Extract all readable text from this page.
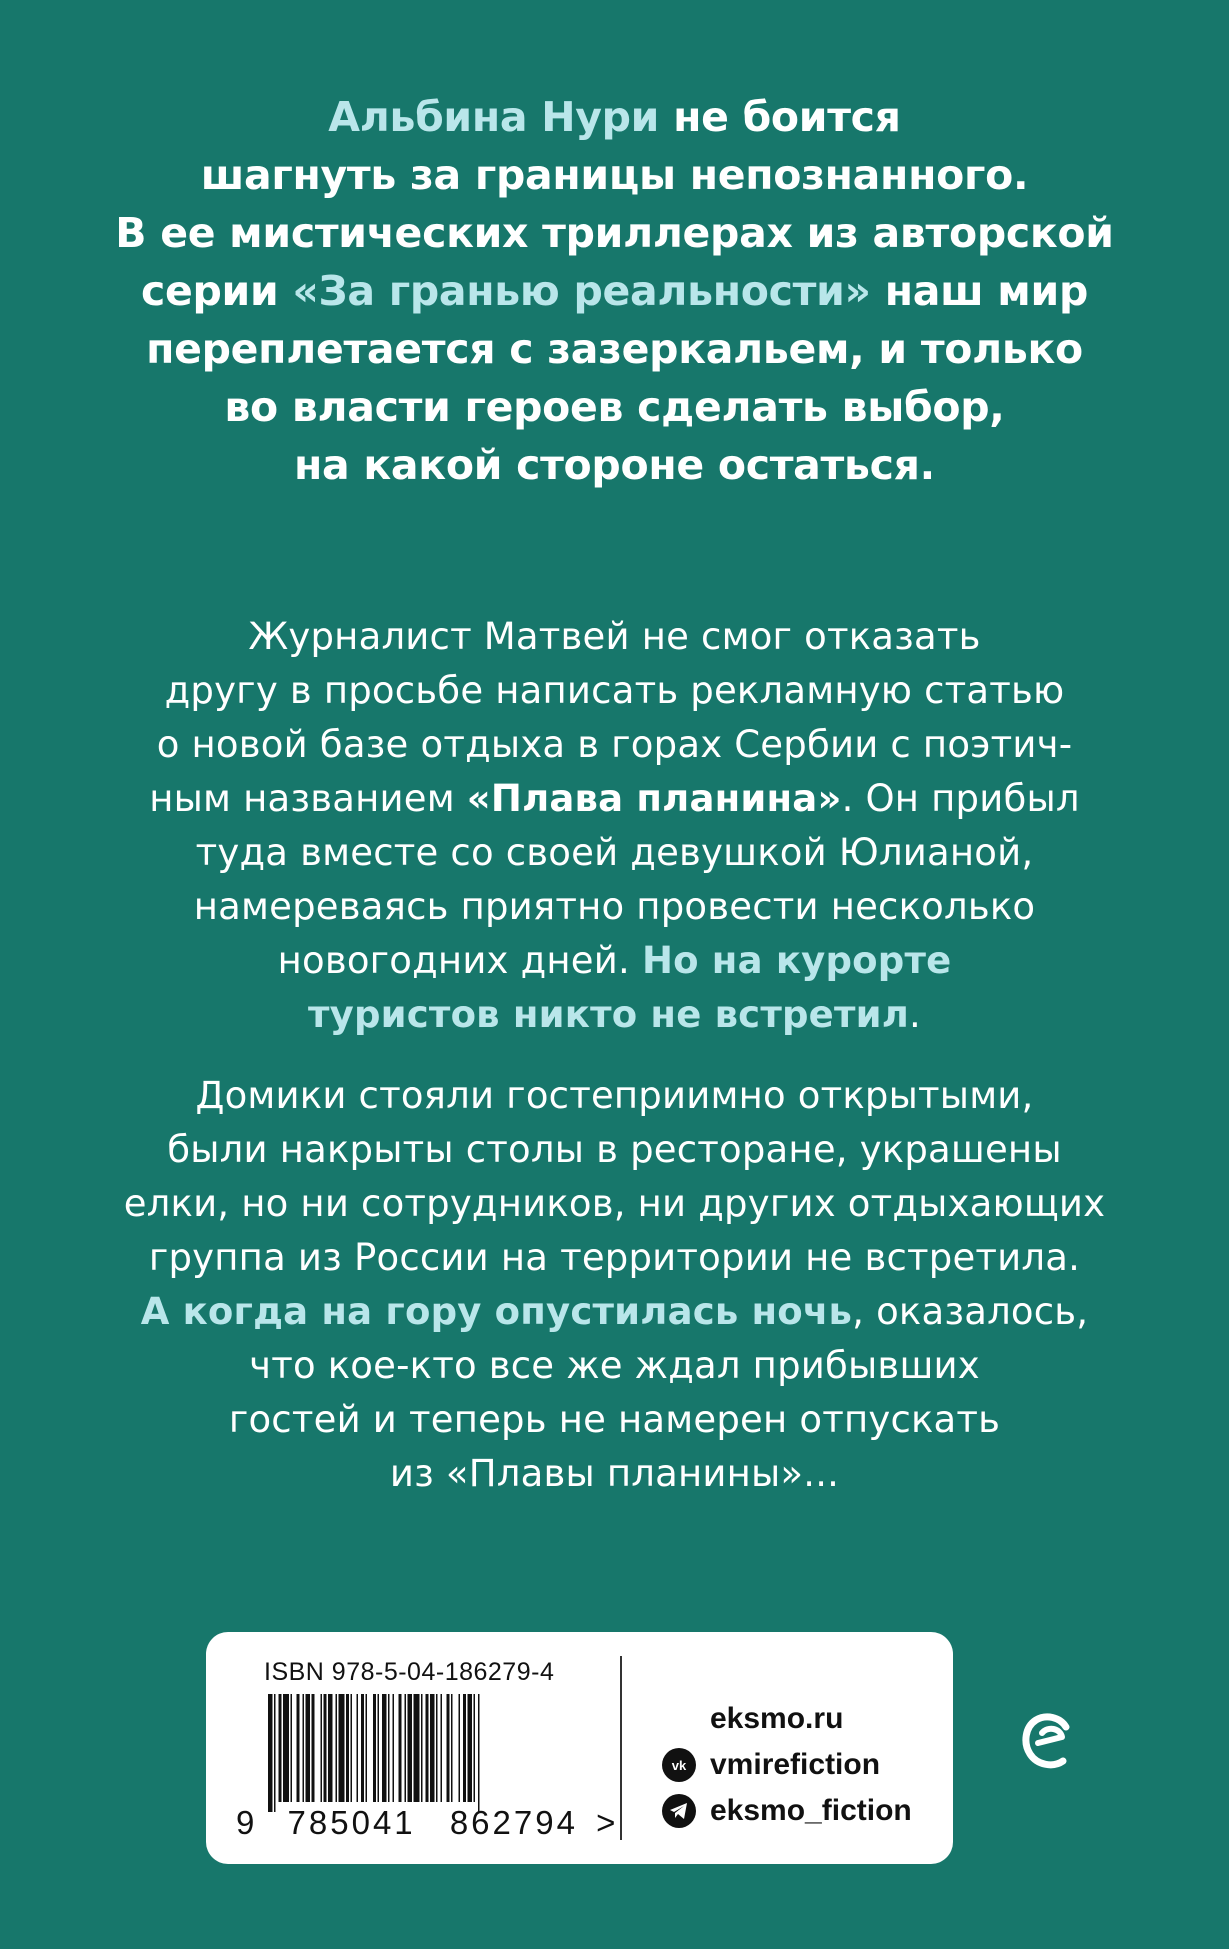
Альбина Нури не боится
шагнуть за границы непознанного.
В ее мистических триллерах из авторской
серии «За гранью реальности» наш мир
переплетается с зазеркальем, и только
во власти героев сделать выбор,
на какой стороне остаться.
Журналист Матвей не смог отказать
другу в просьбе написать рекламную статью
о новой базе отдыха в горах Сербии с поэтич-
ным названием «Плава планина». Он прибыл
туда вместе со своей девушкой Юлианой,
намереваясь приятно провести несколько
новогодних дней. Но на курорте
туристов никто не встретил.
Домики стояли гостеприимно открытыми,
были накрыты столы в ресторане, украшены
елки, но ни сотрудников, ни других отдыхающих
группа из России на территории не встретила.
А когда на гору опустилась ночь, оказалось,
что кое-кто все же ждал прибывших
гостей и теперь не намерен отпускать
из «Плавы планины»...
ISBN 978-5-04-186279-4
9 785041 862794 >
eksmo.ru
vk vmirefiction
eksmo_fiction
